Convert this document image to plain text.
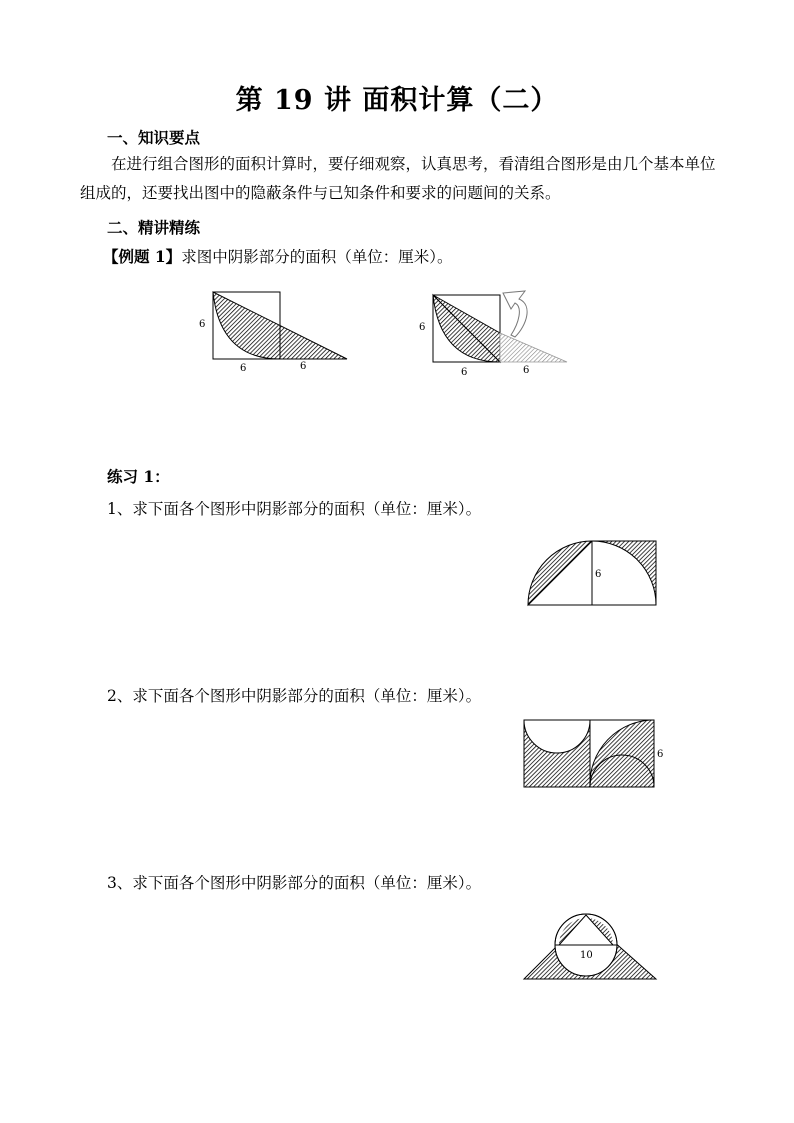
第 19 讲 面积计算（二）
一、知识要点
在进行组合图形的面积计算时，要仔细观察，认真思考，看清组合图形是由几个基本单位组成的，还要找出图中的隐蔽条件与已知条件和要求的问题间的关系。
二、精讲精练
【例题 1】求图中阴影部分的面积（单位：厘米）。
6
6	6
6
6	6
练习 1：
1、求下面各个图形中阴影部分的面积（单位：厘米）。
6
2、求下面各个图形中阴影部分的面积（单位：厘米）。
6
3、求下面各个图形中阴影部分的面积（单位：厘米）。
10
